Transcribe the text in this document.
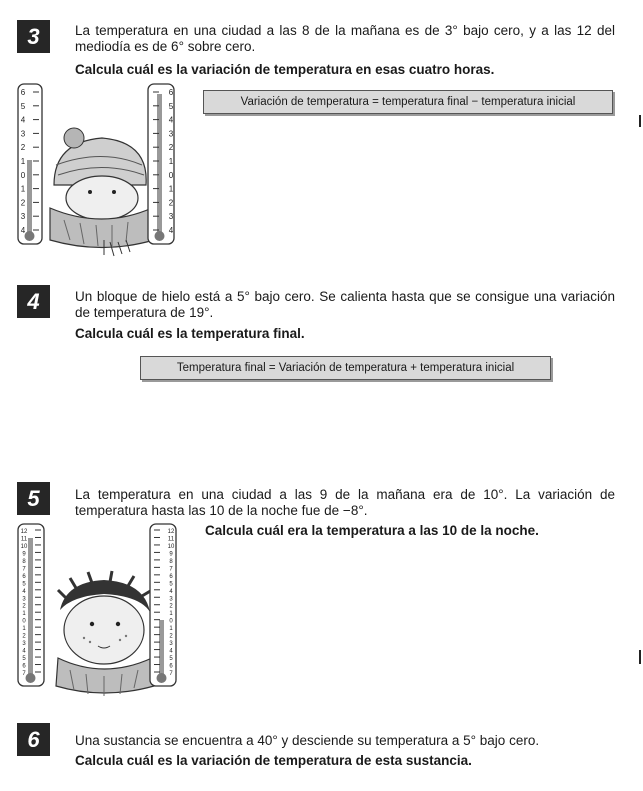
3	La temperatura en una ciudad a las 8 de la mañana es de 3° bajo cero, y a las 12 del mediodía es de 6° sobre cero.
Calcula cuál es la variación de temperatura en esas cuatro horas.
Variación de temperatura = temperatura final − temperatura inicial
6
5
4
3
2
1
0
1
2
3
4
6
5
4
3
2
1
0
1
2
3
4
4	Un bloque de hielo está a 5° bajo cero. Se calienta hasta que se consigue una variación de temperatura de 19°.
Calcula cuál es la temperatura final.
Temperatura final = Variación de temperatura + temperatura inicial
5	La temperatura en una ciudad a las 9 de la mañana era de 10°. La variación de temperatura hasta las 10 de la noche fue de −8°.
Calcula cuál era la temperatura a las 10 de la noche.
12
11
10
9
8
7
6
5
4
3
2
1
0
1
2
3
4
5
6
7
12
11
10
9
8
7
6
5
4
3
2
1
0
1
2
3
4
5
6
7
6	Una sustancia se encuentra a 40° y desciende su temperatura a 5° bajo cero.
Calcula cuál es la variación de temperatura de esta sustancia.
